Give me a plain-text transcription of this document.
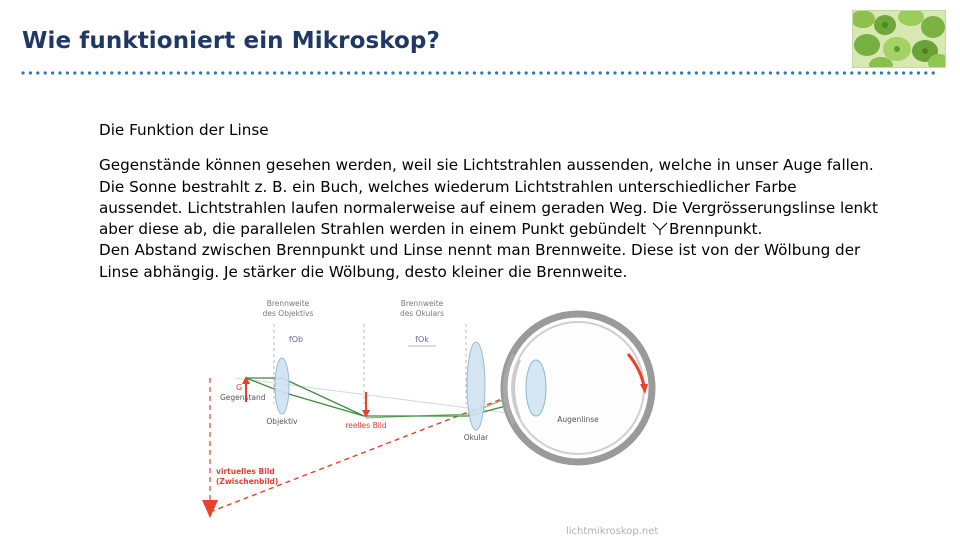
Wie funktioniert ein Mikroskop?
Die Funktion der Linse

Gegenstände können gesehen werden, weil sie Lichtstrahlen aussenden, welche in unser Auge fallen.

Die Sonne bestrahlt z. B. ein Buch, welches wiederum Lichtstrahlen unterschiedlicher Farbe

aussendet. Lichtstrahlen laufen normalerweise auf einem geraden Weg. Die Vergrösserungslinse lenkt

aber diese ab, die parallelen Strahlen werden in einem Punkt gebündelt Brennpunkt.

Den Abstand zwischen Brennpunkt und Linse nennt man Brennweite. Diese ist von der Wölbung der

Linse abhängig. Je stärker die Wölbung, desto kleiner die Brennweite.

Brennweite
des Objektivs
fOb
Brennweite
des Okulars
fOk
G
Gegenstand
Objektiv	reelles Bild
Okular
Augenlinse
virtuelles Bild
(Zwischenbild)
lichtmikroskop.net
